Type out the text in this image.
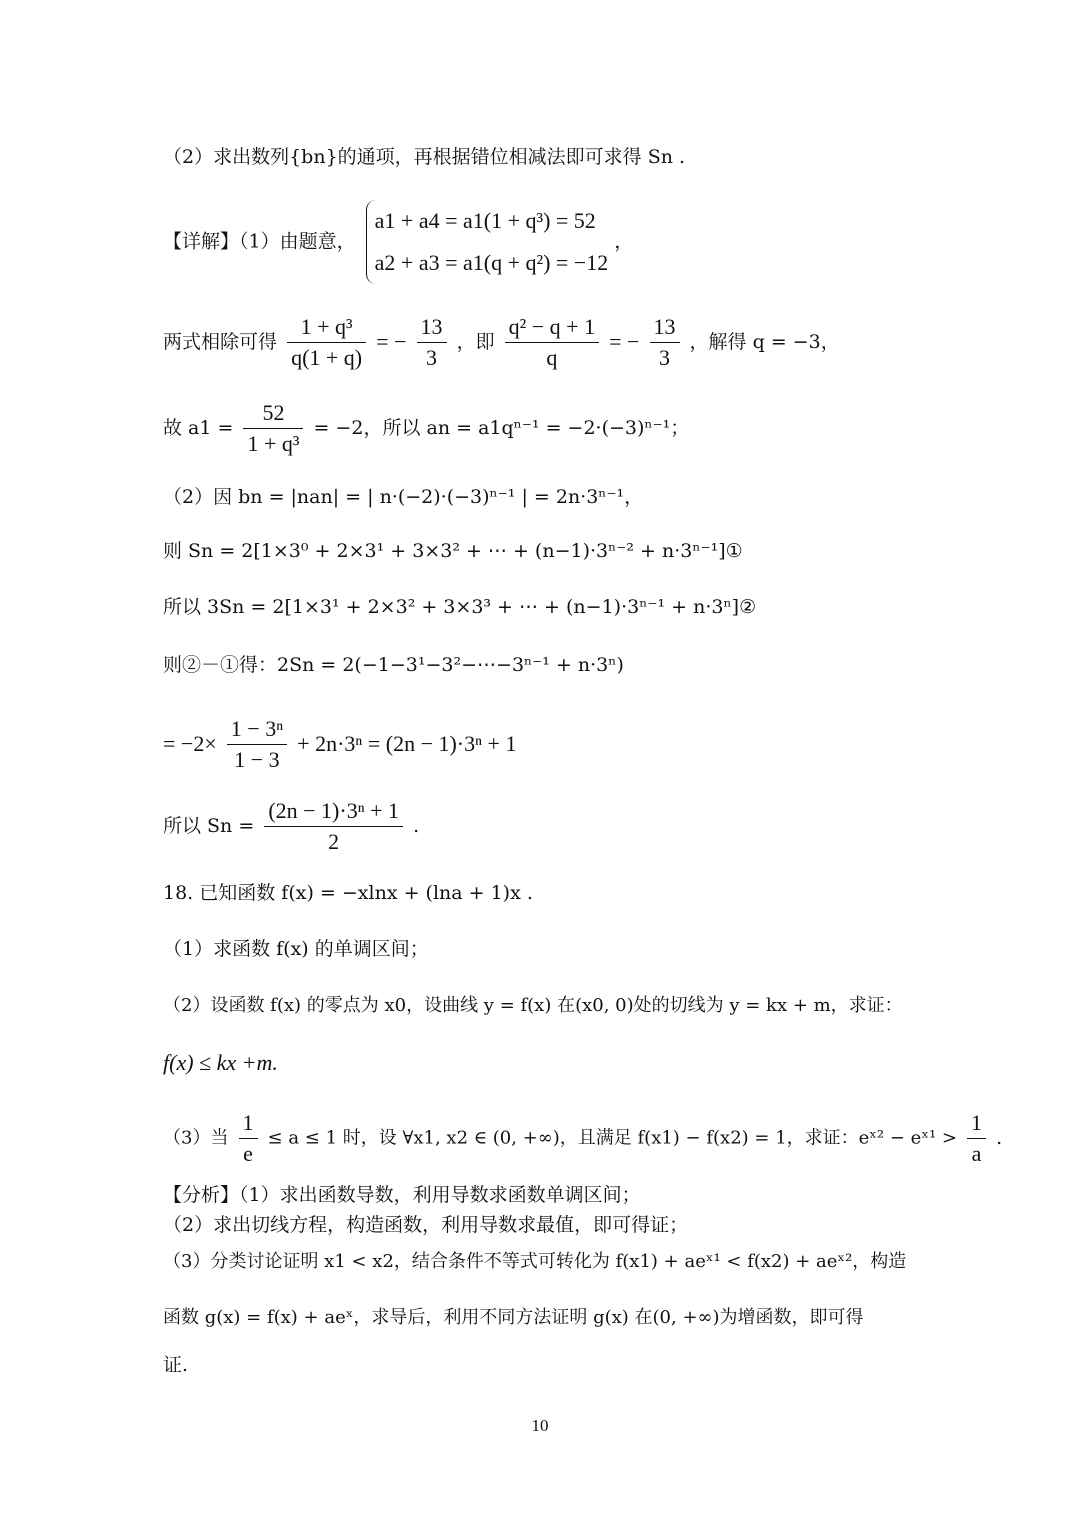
（2）求出数列{bn}的通项，再根据错位相减法即可求得 Sn .
【详解】（1）由题意，
a1 + a4 = a1(1 + q³) = 52
a2 + a3 = a1(q + q²) = −12
，
两式相除可得 $\frac{\text{1 + q³}}{q(1 + q)}$ = − $\frac{13}{3}$ ，即 $\frac{\text{q² − q + 1}}{q}$ = − $\frac{13}{3}$ ，解得 q = −3，
故 $a1 = \frac{52}{\text{1 + q³}} = -2$，所以 an = a1qⁿ⁻¹ = −2·(−3)ⁿ⁻¹；
（2）因 bn = |nan| = | n·(−2)·(−3)ⁿ⁻¹ | = 2n·3ⁿ⁻¹，
则 Sn = 2[1×3⁰ + 2×3¹ + 3×3² + ⋯ + (n−1)·3ⁿ⁻² + n·3ⁿ⁻¹]①
所以 3Sn = 2[1×3¹ + 2×3² + 3×3³ + ⋯ + (n−1)·3ⁿ⁻¹ + n·3ⁿ]②
则②－①得：2Sn = 2(−1−3¹−3²−⋯−3ⁿ⁻¹ + n·3ⁿ)
= $-2\times \frac{\text{1 − 3ⁿ}}{1 - 3} + 2n\cdot 3^n = (2n - 1)\cdot 3^n + 1$
所以 $Sn = \frac{\text{(2n − 1)·3ⁿ + 1}}{2}$ .
18. 已知函数 f(x) = −xlnx + (lna + 1)x .
（1）求函数 f(x) 的单调区间；
（2）设函数 f(x) 的零点为 x0，设曲线 y = f(x) 在(x0, 0)处的切线为 y = kx + m，求证：
f(x) ≤ kx +m.
（3）当 $\frac{1}{e} \le a \le 1$ 时，设 ∀x1, x2 ∈ (0, +∞)，且满足 f(x1) − f(x2) = 1，求证：eˣ² − eˣ¹ > $\frac{1}{a}$ .
【分析】（1）求出函数导数，利用导数求函数单调区间；
（2）求出切线方程，构造函数，利用导数求最值，即可得证；
（3）分类讨论证明 x1 < x2，结合条件不等式可转化为 f(x1) + aeˣ¹ < f(x2) + aeˣ²，构造
函数 g(x) = f(x) + aeˣ，求导后，利用不同方法证明 g(x) 在(0, +∞)为增函数，即可得
证.
10
